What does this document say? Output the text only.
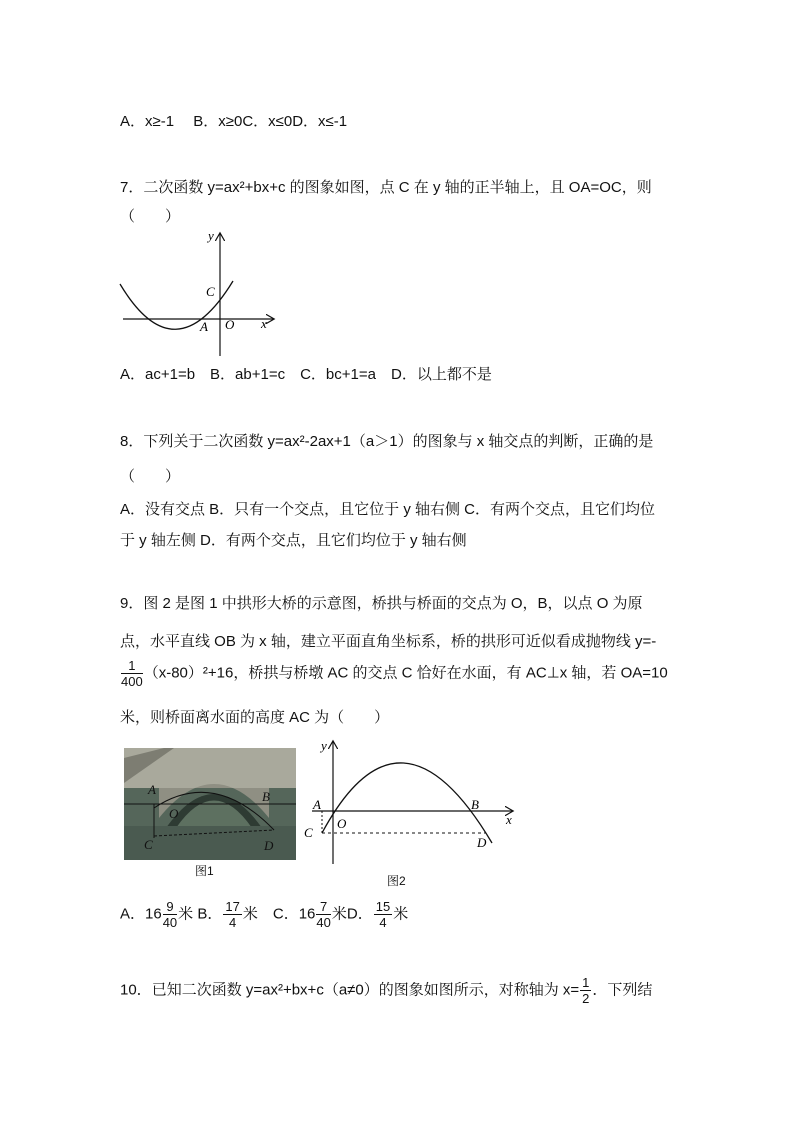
A．x≥-1　 B．x≥0C．x≤0D．x≤-1
7．二次函数 y=ax²+bx+c 的图象如图，点 C 在 y 轴的正半轴上，且 OA=OC，则
（　　）
y
x
C
A O
A．ac+1=b　B．ab+1=c　C．bc+1=a　D．以上都不是
8．下列关于二次函数 y=ax²-2ax+1（a＞1）的图象与 x 轴交点的判断，正确的是
（　　）
A．没有交点 B．只有一个交点，且它位于 y 轴右侧 C．有两个交点，且它们均位
于 y 轴左侧 D．有两个交点，且它们均位于 y 轴右侧
9．图 2 是图 1 中拱形大桥的示意图，桥拱与桥面的交点为 O，B，以点 O 为原
点，水平直线 OB 为 x 轴，建立平面直角坐标系，桥的拱形可近似看成抛物线 y=-
$\frac{1}{400} (x-80)^2+16$，桥拱与桥墩 AC 的交点 C 恰好在水面，有 AC⊥x 轴，若 OA=10
米，则桥面离水面的高度 AC 为（　　）
A	B
O
C	D
图1
y
x
A	B
O
C
D
图2
A．$16 \frac{9}{40}$ 米 B． $\frac{17}{4}$ 米　C．$16 \frac{7}{40}$ 米D． $\frac{15}{4}$ 米
10．已知二次函数 y=ax²+bx+c（a≠0）的图象如图所示，对称轴为 $x= \frac{1}{2}$ ．下列结
